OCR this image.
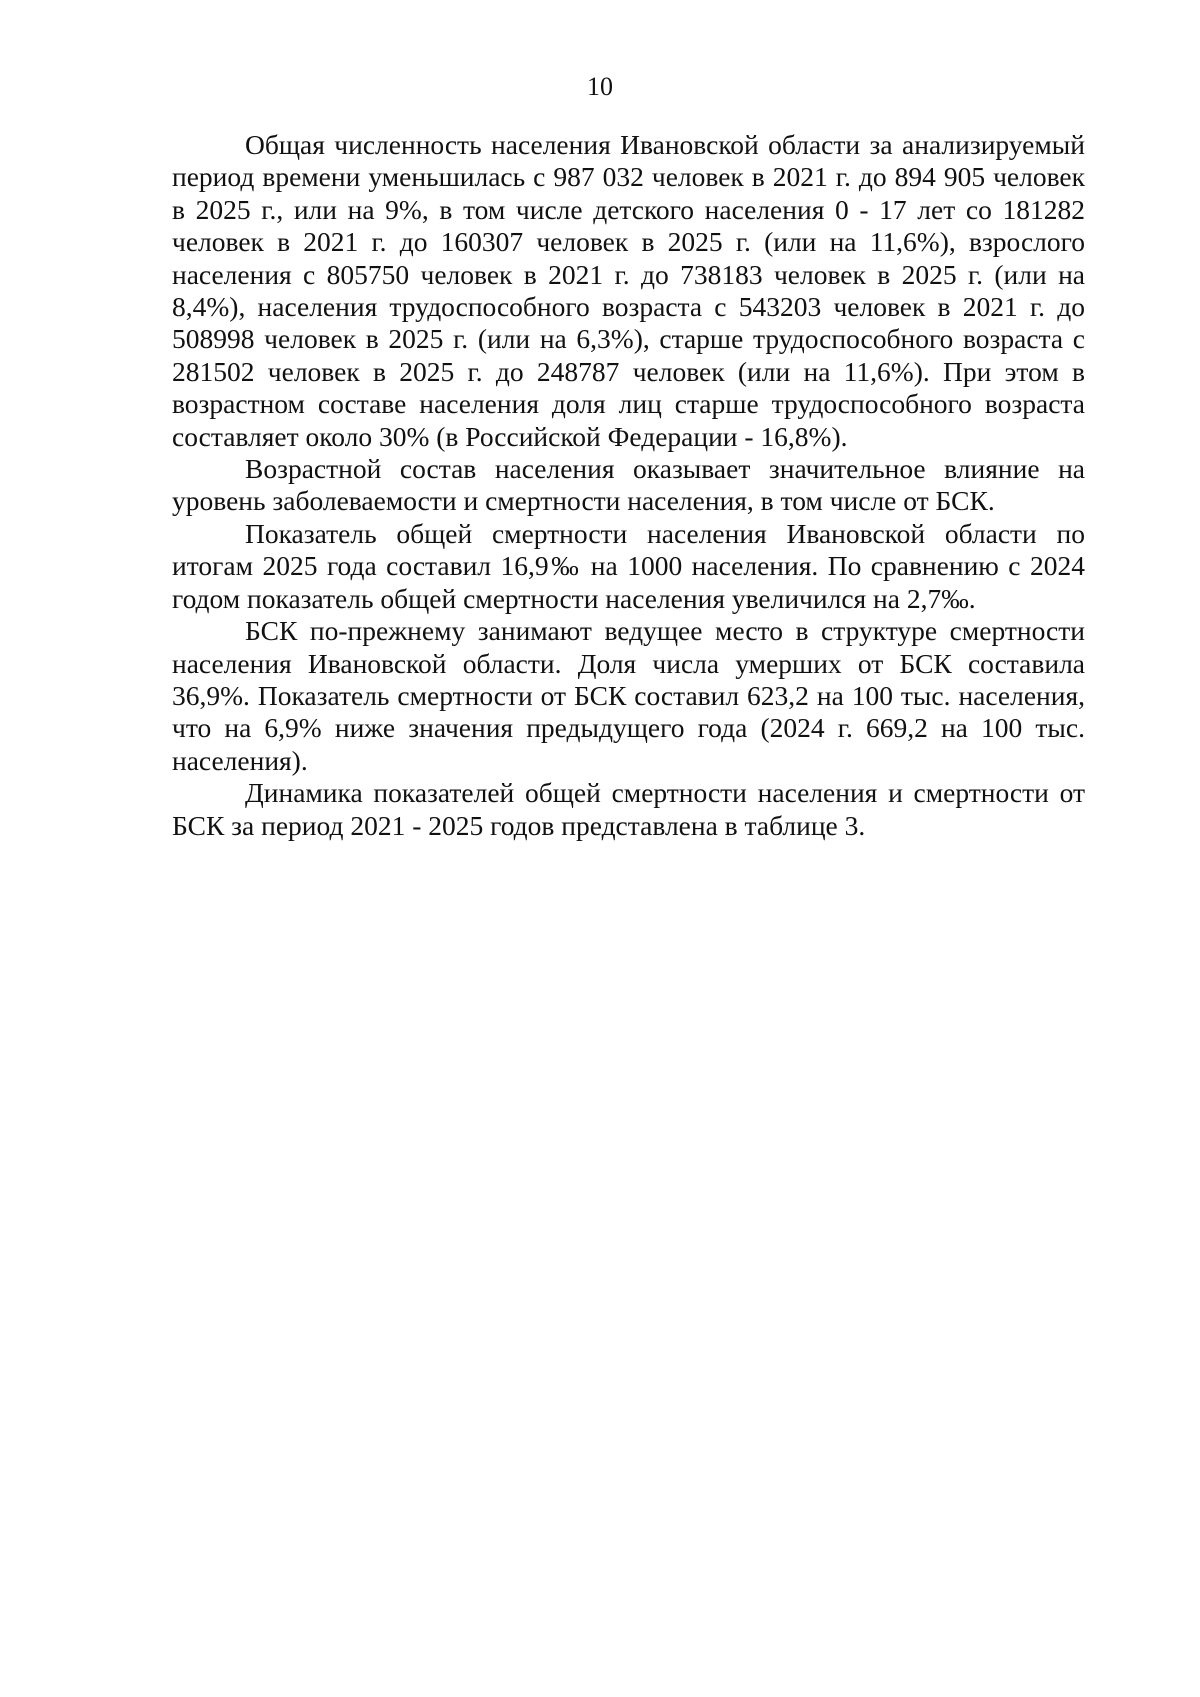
10

Общая численность населения Ивановской области за анализируемый период времени уменьшилась с 987 032 человек в 2021 г. до 894 905 человек в 2025 г., или на 9%, в том числе детского населения 0 - 17 лет со 181282 человек в 2021 г. до 160307 человек в 2025 г. (или на 11,6%), взрослого населения с 805750 человек в 2021 г. до 738183 человек в 2025 г. (или на 8,4%), населения трудоспособного возраста с 543203 человек в 2021 г. до 508998 человек в 2025 г. (или на 6,3%), старше трудоспособного возраста с 281502 человек в 2025 г. до 248787 человек (или на 11,6%). При этом в возрастном составе населения доля лиц старше трудоспособного возраста составляет около 30% (в Российской Федерации - 16,8%).

Возрастной состав населения оказывает значительное влияние на уровень заболеваемости и смертности населения, в том числе от БСК.

Показатель общей смертности населения Ивановской области по итогам 2025 года составил 16,9‰ на 1000 населения. По сравнению с 2024 годом показатель общей смертности населения увеличился на 2,7‰.

БСК по-прежнему занимают ведущее место в структуре смертности населения Ивановской области. Доля числа умерших от БСК составила 36,9%. Показатель смертности от БСК составил 623,2 на 100 тыс. населения, что на 6,9% ниже значения предыдущего года (2024 г. 669,2 на 100 тыс. населения).

Динамика показателей общей смертности населения и смертности от БСК за период 2021 - 2025 годов представлена в таблице 3.
